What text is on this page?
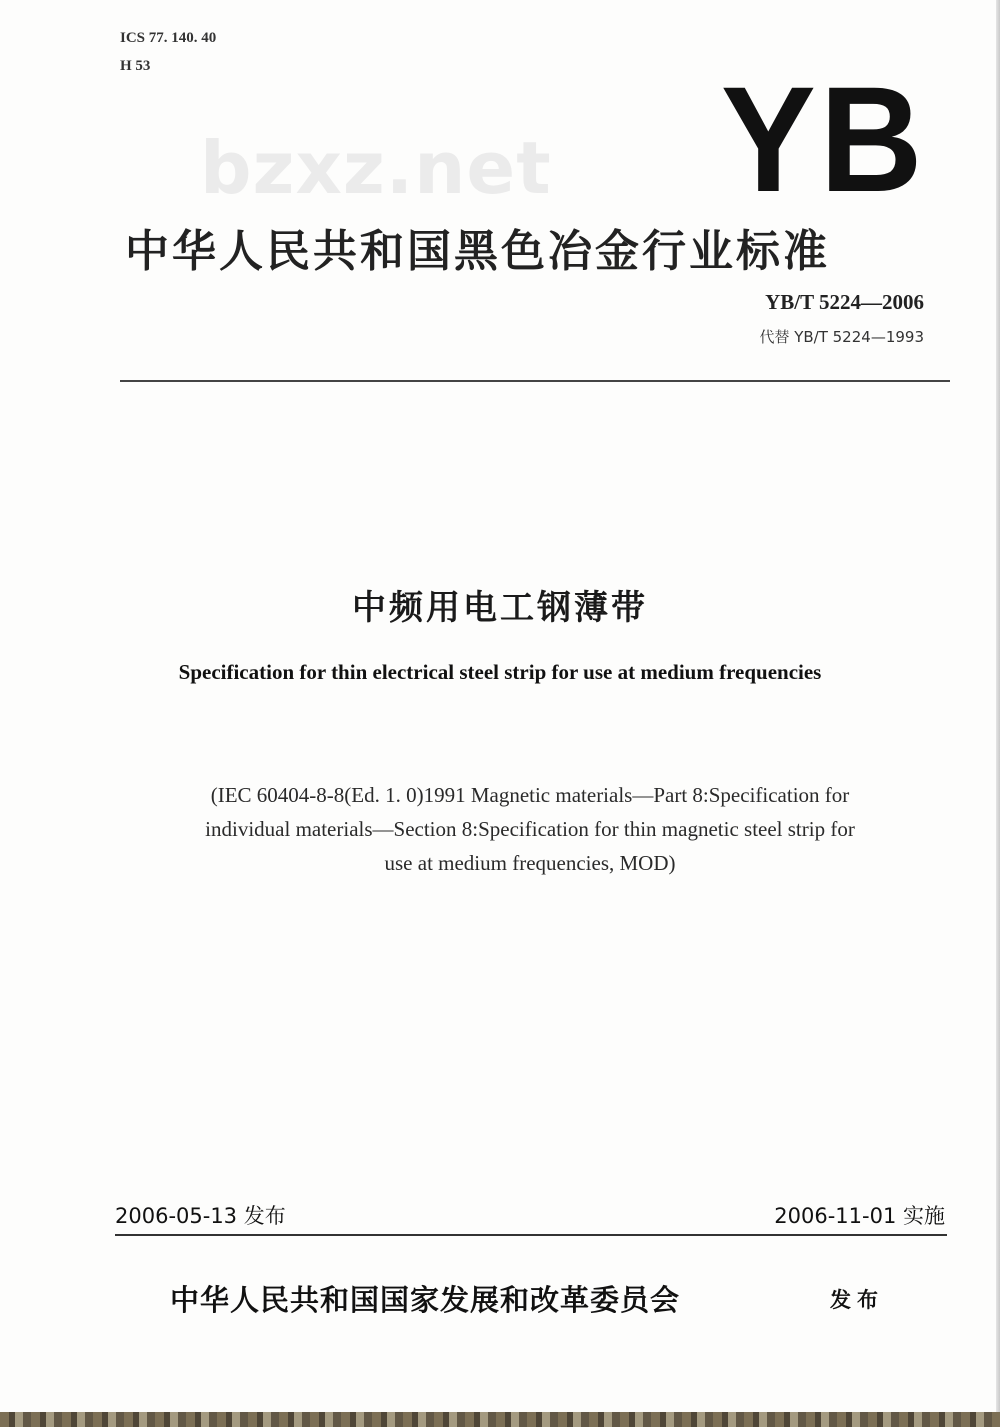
ICS 77. 140. 40
H 53
bzxz.net YB
中华人民共和国黑色冶金行业标准
YB/T 5224—2006
代替 YB/T 5224—1993
中频用电工钢薄带
Specification for thin electrical steel strip for use at medium frequencies
(IEC 60404-8-8(Ed. 1. 0)1991 Magnetic materials—Part 8:Specification for
individual materials—Section 8:Specification for thin magnetic steel strip for
use at medium frequencies, MOD)
2006-05-13 发布	2006-11-01 实施
中华人民共和国国家发展和改革委员会	发布
